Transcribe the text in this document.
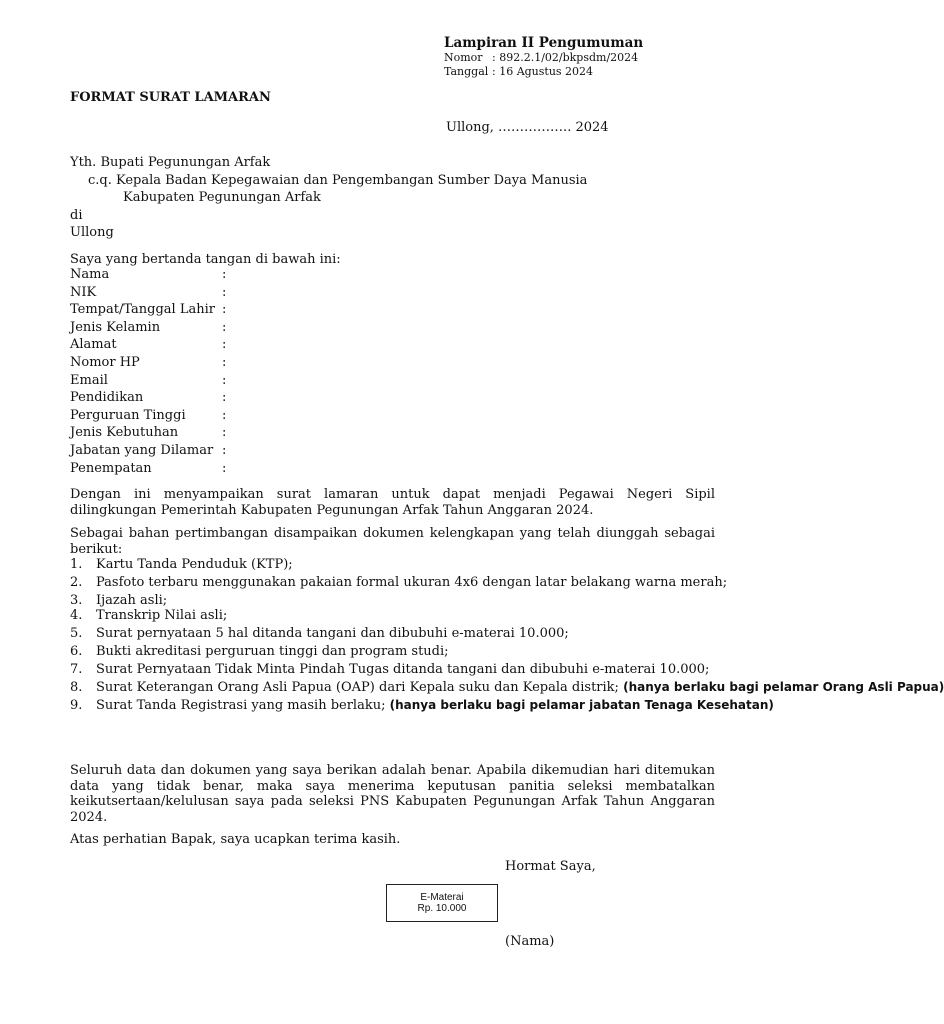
Lampiran II Pengumuman
Nomor : 892.2.1/02/bkpsdm/2024
Tanggal : 16 Agustus 2024
FORMAT SURAT LAMARAN
Ullong, …………….. 2024
Yth. Bupati Pegunungan Arfak
c.q. Kepala Badan Kepegawaian dan Pengembangan Sumber Daya Manusia
Kabupaten Pegunungan Arfak
di
Ullong
Saya yang bertanda tangan di bawah ini:
Nama	:
NIK	:
Tempat/Tanggal Lahir :
Jenis Kelamin	:
Alamat	:
Nomor HP	:
Email	:
Pendidikan	:
Perguruan Tinggi	:
Jenis Kebutuhan	:
Jabatan yang Dilamar :
Penempatan	:

Dengan ini menyampaikan surat lamaran untuk dapat menjadi Pegawai Negeri Sipil dilingkungan Pemerintah Kabupaten Pegunungan Arfak Tahun Anggaran 2024.

Sebagai bahan pertimbangan disampaikan dokumen kelengkapan yang telah diunggah sebagai berikut:

1.	Kartu Tanda Penduduk (KTP);
2.	Pasfoto terbaru menggunakan pakaian formal ukuran 4x6 dengan latar belakang warna merah;
3.	Ijazah asli;
4.	Transkrip Nilai asli;
5.	Surat pernyataan 5 hal ditanda tangani dan dibubuhi e-materai 10.000;
6.	Bukti akreditasi perguruan tinggi dan program studi;
7.	Surat Pernyataan Tidak Minta Pindah Tugas ditanda tangani dan dibubuhi e-materai 10.000;
8.	Surat Keterangan Orang Asli Papua (OAP) dari Kepala suku dan Kepala distrik; (hanya berlaku bagi pelamar Orang Asli Papua)
9.	Surat Tanda Registrasi yang masih berlaku; (hanya berlaku bagi pelamar jabatan Tenaga Kesehatan)

Seluruh data dan dokumen yang saya berikan adalah benar. Apabila dikemudian hari ditemukan data yang tidak benar, maka saya menerima keputusan panitia seleksi membatalkan keikutsertaan/kelulusan saya pada seleksi PNS Kabupaten Pegunungan Arfak Tahun Anggaran 2024.

Atas perhatian Bapak, saya ucapkan terima kasih.
Hormat Saya,
E-Materai
Rp. 10.000
(Nama)
